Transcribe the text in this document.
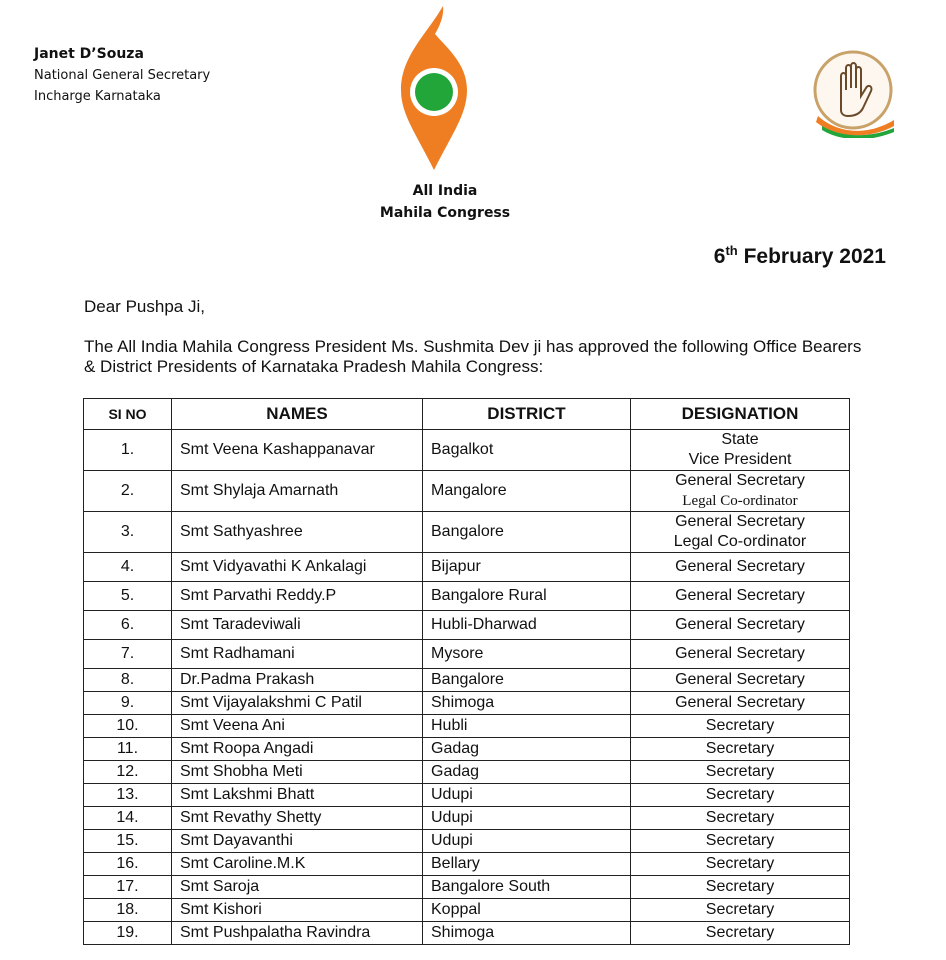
Janet D’Souza
National General Secretary
Incharge Karnataka
All India
Mahila Congress
6th February 2021
Dear Pushpa Ji,
The All India Mahila Congress President Ms. Sushmita Dev ji has approved the following Office Bearers & District Presidents of Karnataka Pradesh Mahila Congress:
SI NO	NAMES	DISTRICT	DESIGNATION
1.	Smt Veena Kashappanavar	Bagalkot	State
Vice President

2.	Smt Shylaja Amarnath	Mangalore	General Secretary
Legal Co-ordinator

3.	Smt Sathyashree	Bangalore	General Secretary
Legal Co-ordinator

4.	Smt Vidyavathi K Ankalagi	Bijapur	General Secretary

5.	Smt Parvathi Reddy.P	Bangalore Rural	General Secretary

6.	Smt Taradeviwali	Hubli-Dharwad	General Secretary

7.	Smt Radhamani	Mysore	General Secretary

8.	Dr.Padma Prakash	Bangalore	General Secretary

9.	Smt Vijayalakshmi C Patil	Shimoga	General Secretary

10.	Smt Veena Ani	Hubli	Secretary

11.	Smt Roopa Angadi	Gadag	Secretary

12.	Smt Shobha Meti	Gadag	Secretary

13.	Smt Lakshmi Bhatt	Udupi	Secretary

14.	Smt Revathy Shetty	Udupi	Secretary

15.	Smt Dayavanthi	Udupi	Secretary

16.	Smt Caroline.M.K	Bellary	Secretary

17.	Smt Saroja	Bangalore South	Secretary

18.	Smt Kishori	Koppal	Secretary

19.	Smt Pushpalatha Ravindra	Shimoga	Secretary
